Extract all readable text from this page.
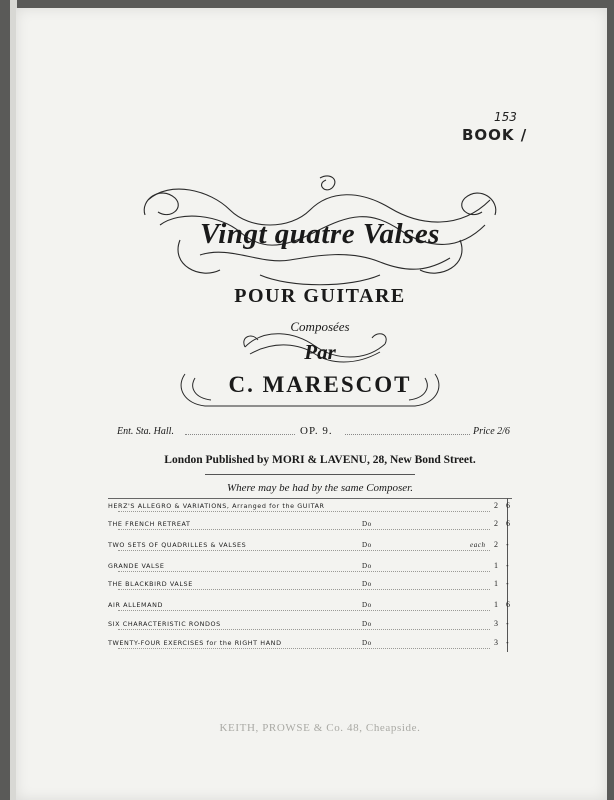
153
BOOK /
Vingt quatre Valses
POUR GUITARE
Composées
Par
C. MARESCOT
Ent. Sta. Hall.	OP. 9.	Price 2/6
London Published by MORI & LAVENU, 28, New Bond Street.
Where may be had by the same Composer.
HERZ'S ALLEGRO & VARIATIONS, Arranged for the GUITAR	2 6
THE FRENCH RETREAT	Do	2 6
TWO SETS OF QUADRILLES & VALSES	Do	each 2 -
GRANDE VALSE	Do	1 -
THE BLACKBIRD VALSE	Do	1 -
AIR ALLEMAND	Do	1 6
SIX CHARACTERISTIC RONDOS	Do	3 -
TWENTY-FOUR EXERCISES for the RIGHT HAND	Do	3 -
KEITH, PROWSE & Co. 48, Cheapside.
